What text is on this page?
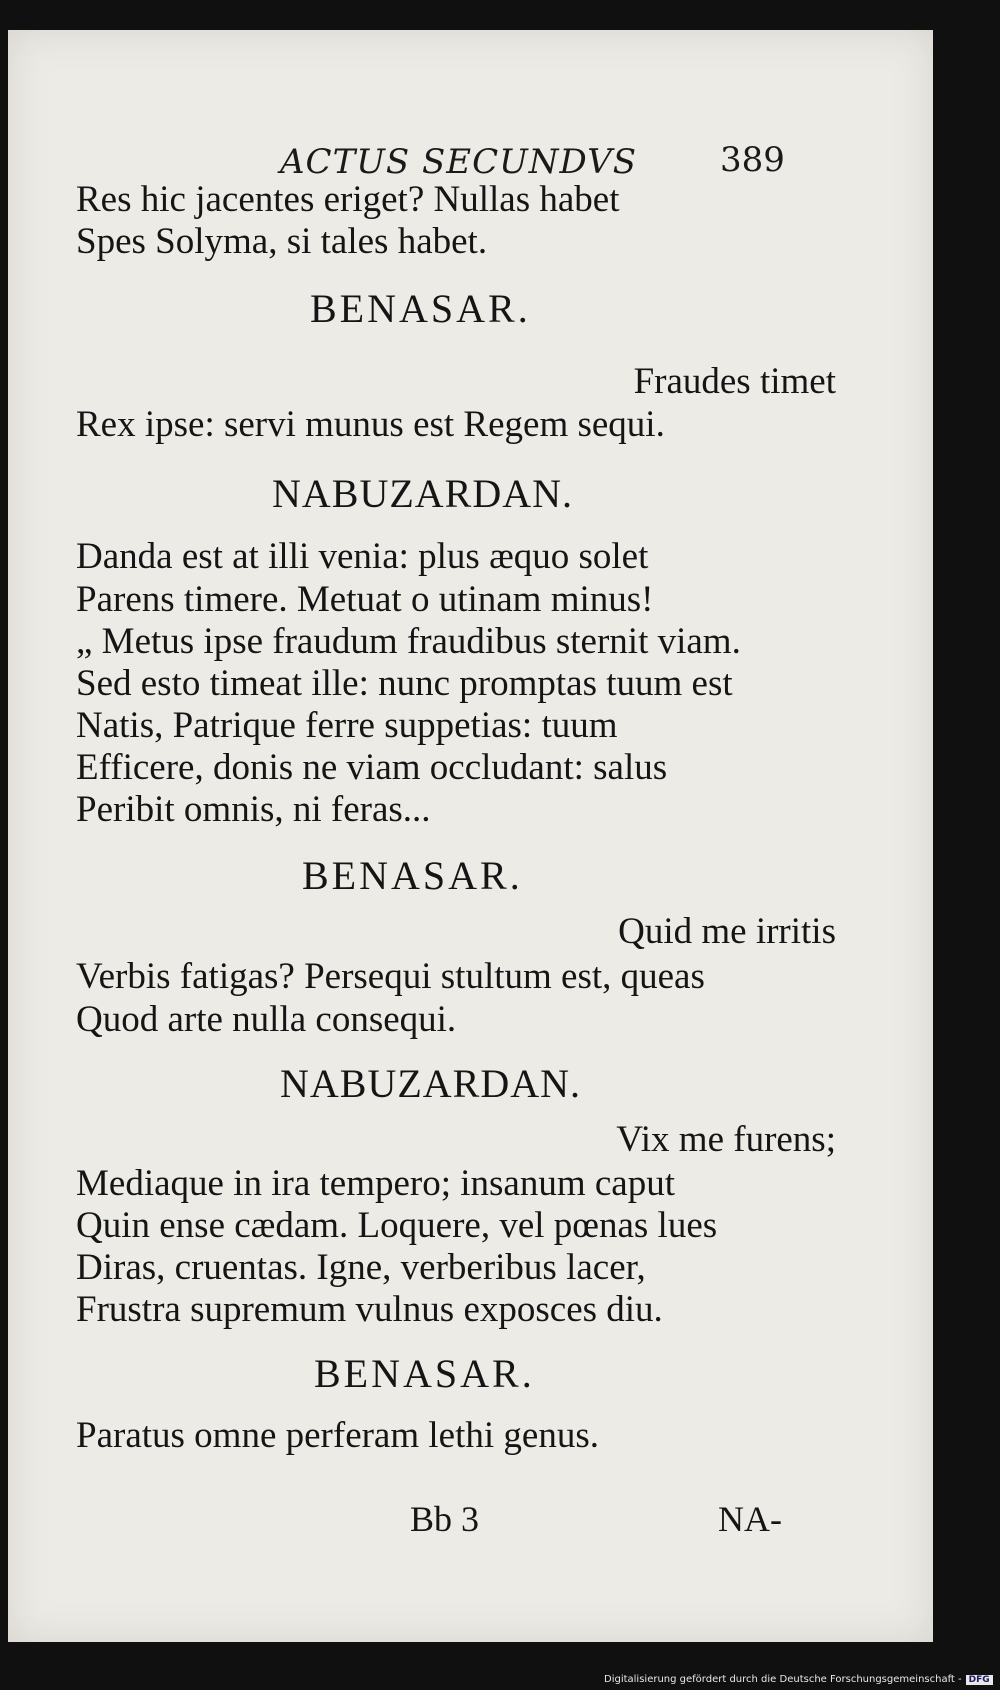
ACTUS SECUNDVS 389
Res hic jacentes eriget? Nullas habet
Spes Solyma, si tales habet.
BENASAR.
Fraudes timet
Rex ipse: servi munus est Regem sequi.
NABUZARDAN.
Danda est at illi venia: plus æquo solet
Parens timere. Metuat o utinam minus!
„ Metus ipse fraudum fraudibus sternit viam.
Sed esto timeat ille: nunc promptas tuum est
Natis, Patrique ferre suppetias: tuum
Efficere, donis ne viam occludant: salus
Peribit omnis, ni feras...
BENASAR.
Quid me irritis
Verbis fatigas? Persequi stultum est, queas
Quod arte nulla consequi.
NABUZARDAN.
Vix me furens;
Mediaque in ira tempero; insanum caput
Quin ense cædam. Loquere, vel pœnas lues
Diras, cruentas. Igne, verberibus lacer,
Frustra supremum vulnus exposces diu.
BENASAR.
Paratus omne perferam lethi genus.
Bb 3	NA-
Digitalisierung gefördert durch die Deutsche Forschungsgemeinschaft - DFG
